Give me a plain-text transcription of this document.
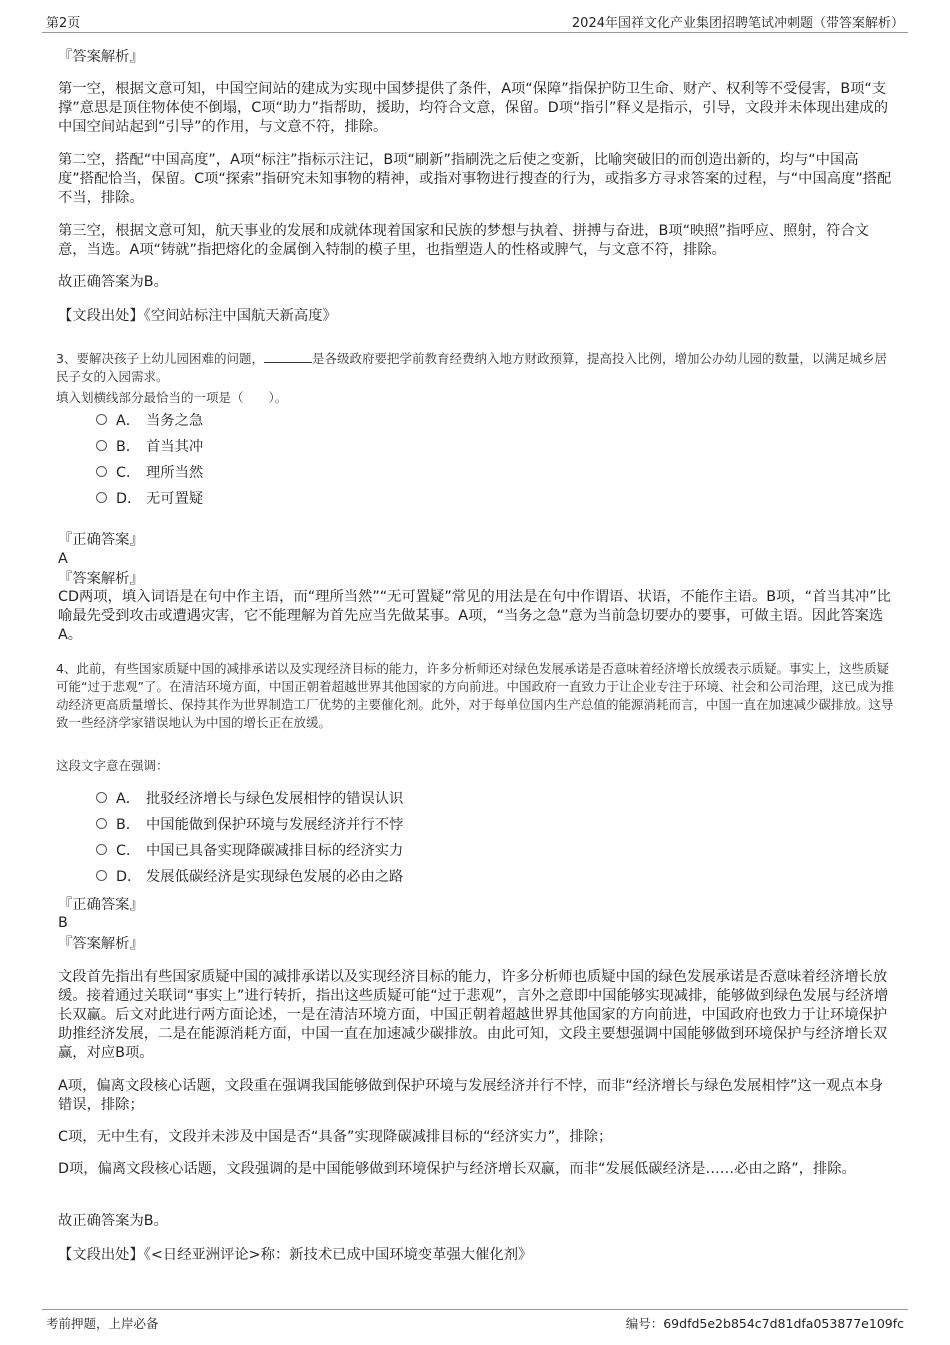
第2页	2024年国祥文化产业集团招聘笔试冲刺题（带答案解析）
『答案解析』

第一空，根据文意可知，中国空间站的建成为实现中国梦提供了条件，A项“保障”指保护防卫生命、财产、权利等不受侵害，B项“支撑”意思是顶住物体使不倒塌，C项“助力”指帮助，援助，均符合文意，保留。D项“指引”释义是指示，引导，文段并未体现出建成的中国空间站起到“引导”的作用，与文意不符，排除。

第二空，搭配“中国高度”，A项“标注”指标示注记，B项“刷新”指刷洗之后使之变新，比喻突破旧的而创造出新的，均与“中国高度”搭配恰当，保留。C项“探索”指研究未知事物的精神，或指对事物进行搜查的行为，或指多方寻求答案的过程，与“中国高度”搭配不当，排除。

第三空，根据文意可知，航天事业的发展和成就体现着国家和民族的梦想与执着、拼搏与奋进，B项“映照”指呼应、照射，符合文意，当选。A项“铸就”指把熔化的金属倒入特制的模子里，也指塑造人的性格或脾气，与文意不符，排除。

故正确答案为B。

【文段出处】《空间站标注中国航天新高度》

3、要解决孩子上幼儿园困难的问题，	是各级政府要把学前教育经费纳入地方财政预算，提高投入比例，增加公办幼儿园的数量，以满足城乡居民子女的入园需求。

填入划横线部分最恰当的一项是（　　）。

A． 当务之急
B． 首当其冲
C． 理所当然
D． 无可置疑
『正确答案』
A
『答案解析』

CD两项，填入词语是在句中作主语，而“理所当然”“无可置疑”常见的用法是在句中作谓语、状语，不能作主语。B项，“首当其冲”比喻最先受到攻击或遭遇灾害，它不能理解为首先应当先做某事。A项，“当务之急”意为当前急切要办的要事，可做主语。因此答案选A。

4、此前，有些国家质疑中国的减排承诺以及实现经济目标的能力，许多分析师还对绿色发展承诺是否意味着经济增长放缓表示质疑。事实上，这些质疑可能“过于悲观”了。在清洁环境方面，中国正朝着超越世界其他国家的方向前进。中国政府一直致力于让企业专注于环境、社会和公司治理，这已成为推动经济更高质量增长、保持其作为世界制造工厂优势的主要催化剂。此外，对于每单位国内生产总值的能源消耗而言，中国一直在加速减少碳排放。这导致一些经济学家错误地认为中国的增长正在放缓。

这段文字意在强调：

A． 批驳经济增长与绿色发展相悖的错误认识
B． 中国能做到保护环境与发展经济并行不悖
C． 中国已具备实现降碳减排目标的经济实力
D． 发展低碳经济是实现绿色发展的必由之路
『正确答案』
B
『答案解析』

文段首先指出有些国家质疑中国的减排承诺以及实现经济目标的能力，许多分析师也质疑中国的绿色发展承诺是否意味着经济增长放缓。接着通过关联词“事实上”进行转折，指出这些质疑可能“过于悲观”，言外之意即中国能够实现减排，能够做到绿色发展与经济增长双赢。后文对此进行两方面论述，一是在清洁环境方面，中国正朝着超越世界其他国家的方向前进，中国政府也致力于让环境保护助推经济发展，二是在能源消耗方面，中国一直在加速减少碳排放。由此可知，文段主要想强调中国能够做到环境保护与经济增长双赢，对应B项。

A项，偏离文段核心话题，文段重在强调我国能够做到保护环境与发展经济并行不悖，而非“经济增长与绿色发展相悖”这一观点本身错误，排除；

C项，无中生有，文段并未涉及中国是否“具备”实现降碳减排目标的“经济实力”，排除；

D项，偏离文段核心话题，文段强调的是中国能够做到环境保护与经济增长双赢，而非“发展低碳经济是……必由之路”，排除。

故正确答案为B。

【文段出处】《<日经亚洲评论>称：新技术已成中国环境变革强大催化剂》

考前押题，上岸必备	编号：69dfd5e2b854c7d81dfa053877e109fc
